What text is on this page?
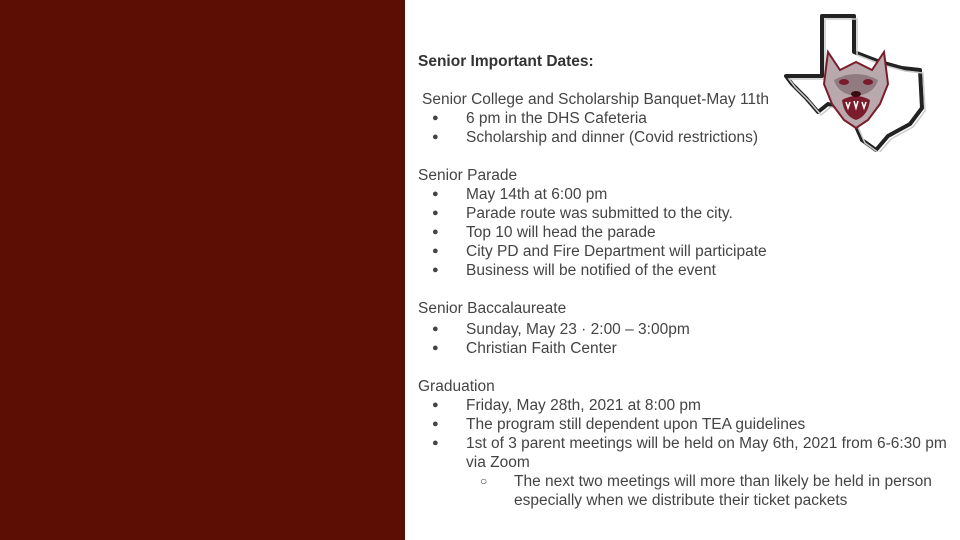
Senior Important Dates:
Senior College and Scholarship Banquet-May 11th
● 6 pm in the DHS Cafeteria
● Scholarship and dinner (Covid restrictions)
Senior Parade
● May 14th at 6:00 pm
● Parade route was submitted to the city.
● Top 10 will head the parade
● City PD and Fire Department will participate
● Business will be notified of the event
Senior Baccalaureate
● Sunday, May 23 · 2:00 – 3:00pm
● Christian Faith Center
Graduation
● Friday, May 28th, 2021 at 8:00 pm
● The program still dependent upon TEA guidelines
● 1st of 3 parent meetings will be held on May 6th, 2021 from 6-6:30 pm via Zoom
○ The next two meetings will more than likely be held in person especially when we distribute their ticket packets
